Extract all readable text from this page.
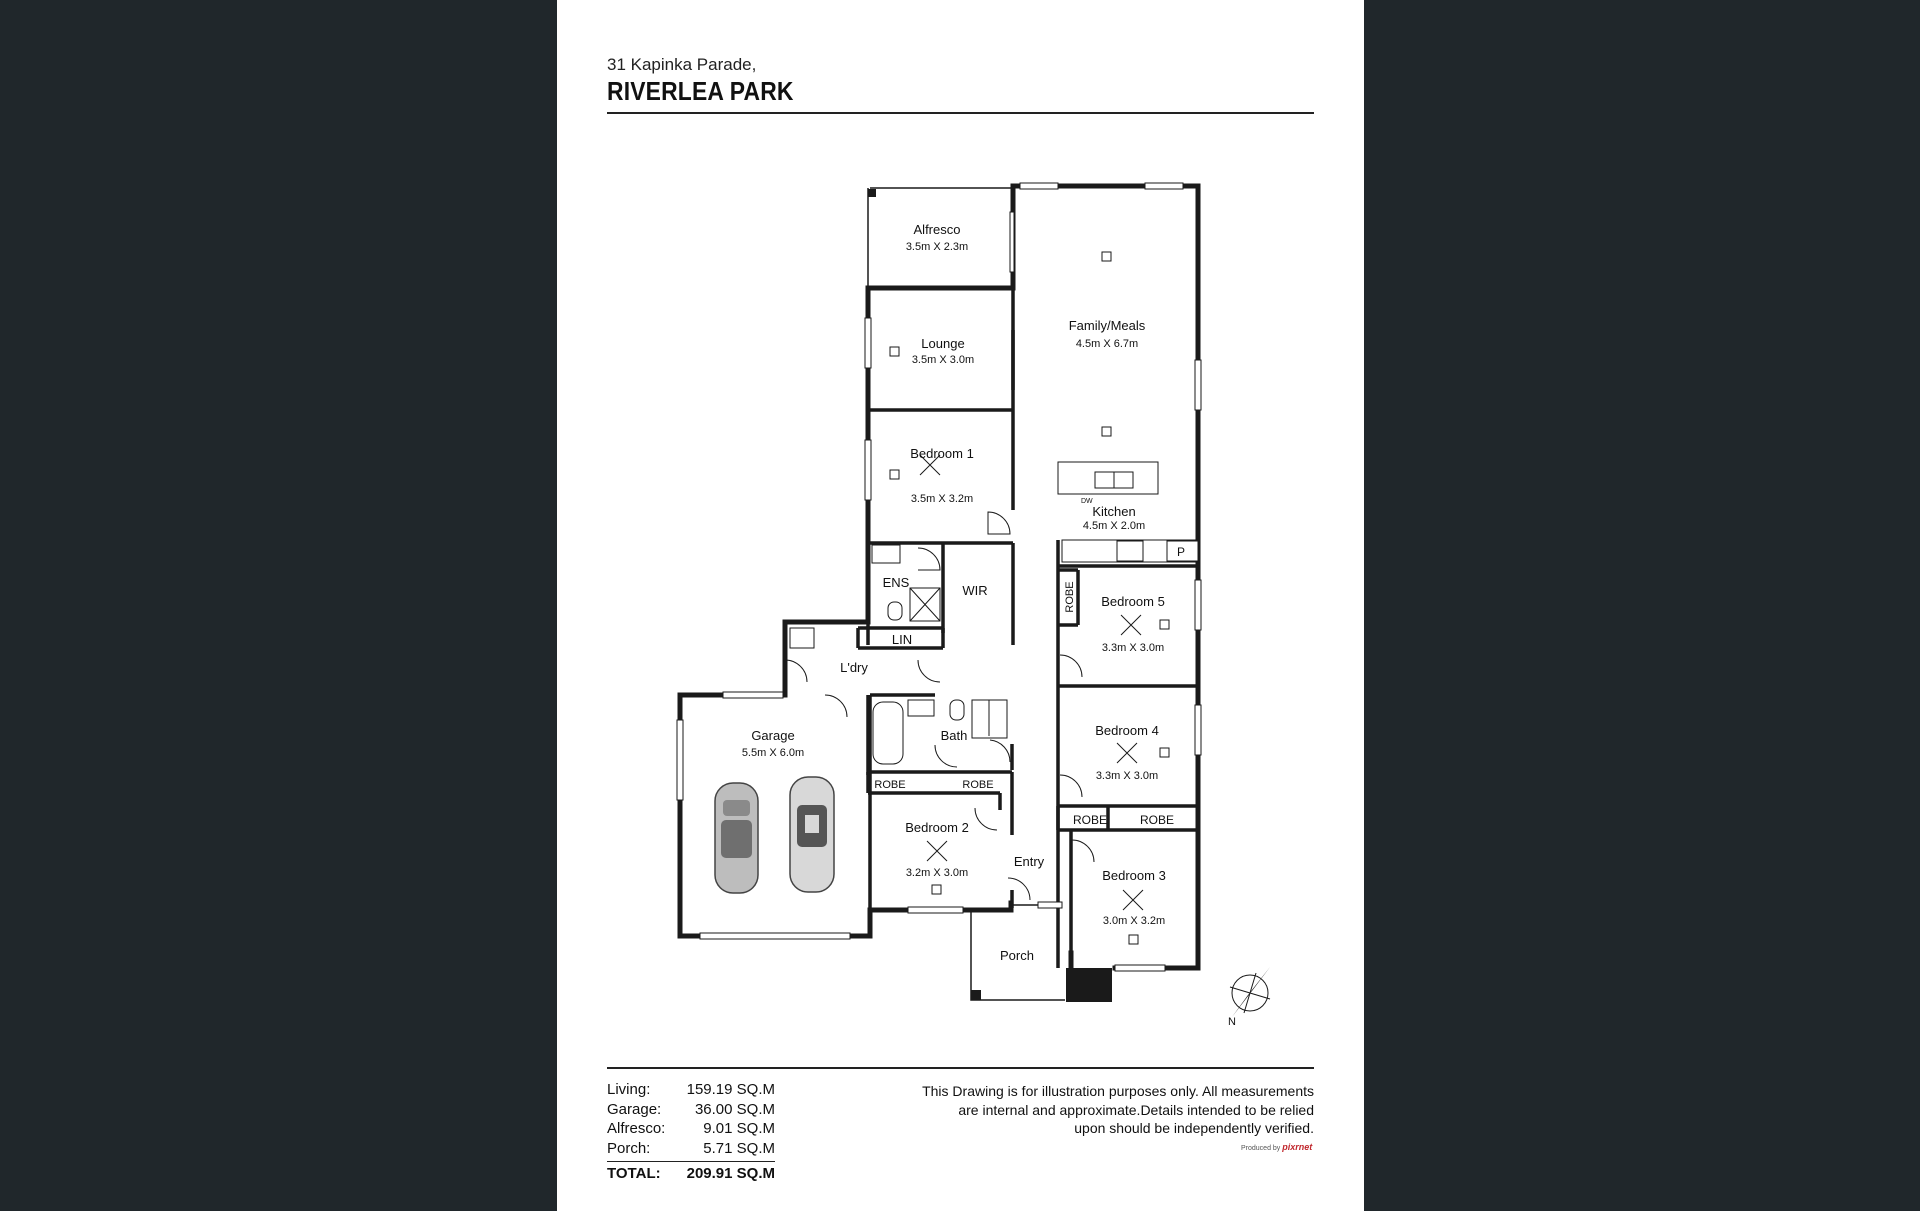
31 Kapinka Parade,
RIVERLEA PARK
DW
P
Alfresco
3.5m X 2.3m
Lounge
3.5m X 3.0m
Family/Meals
4.5m X 6.7m
Bedroom 1
3.5m X 3.2m
Kitchen
4.5m X 2.0m
ENS
WIR
LIN
L'dry
Bedroom 5
3.3m X 3.0m
Garage
5.5m X 6.0m
Bath
ROBE	ROBE
Bedroom 4
3.3m X 3.0m
ROBE	ROBE
Bedroom 2
3.2m X 3.0m
Entry
Bedroom 3
3.0m X 3.2m
Porch
ROBE
N
Living: 159.19 SQ.M
Garage: 36.00 SQ.M
Alfresco:	9.01 SQ.M
Porch:	5.71 SQ.M
TOTAL: 209.91 SQ.M
This Drawing is for illustration purposes only. All measurements
are internal and approximate.Details intended to be relied
upon should be independently verified.
Produced by pixrnet
